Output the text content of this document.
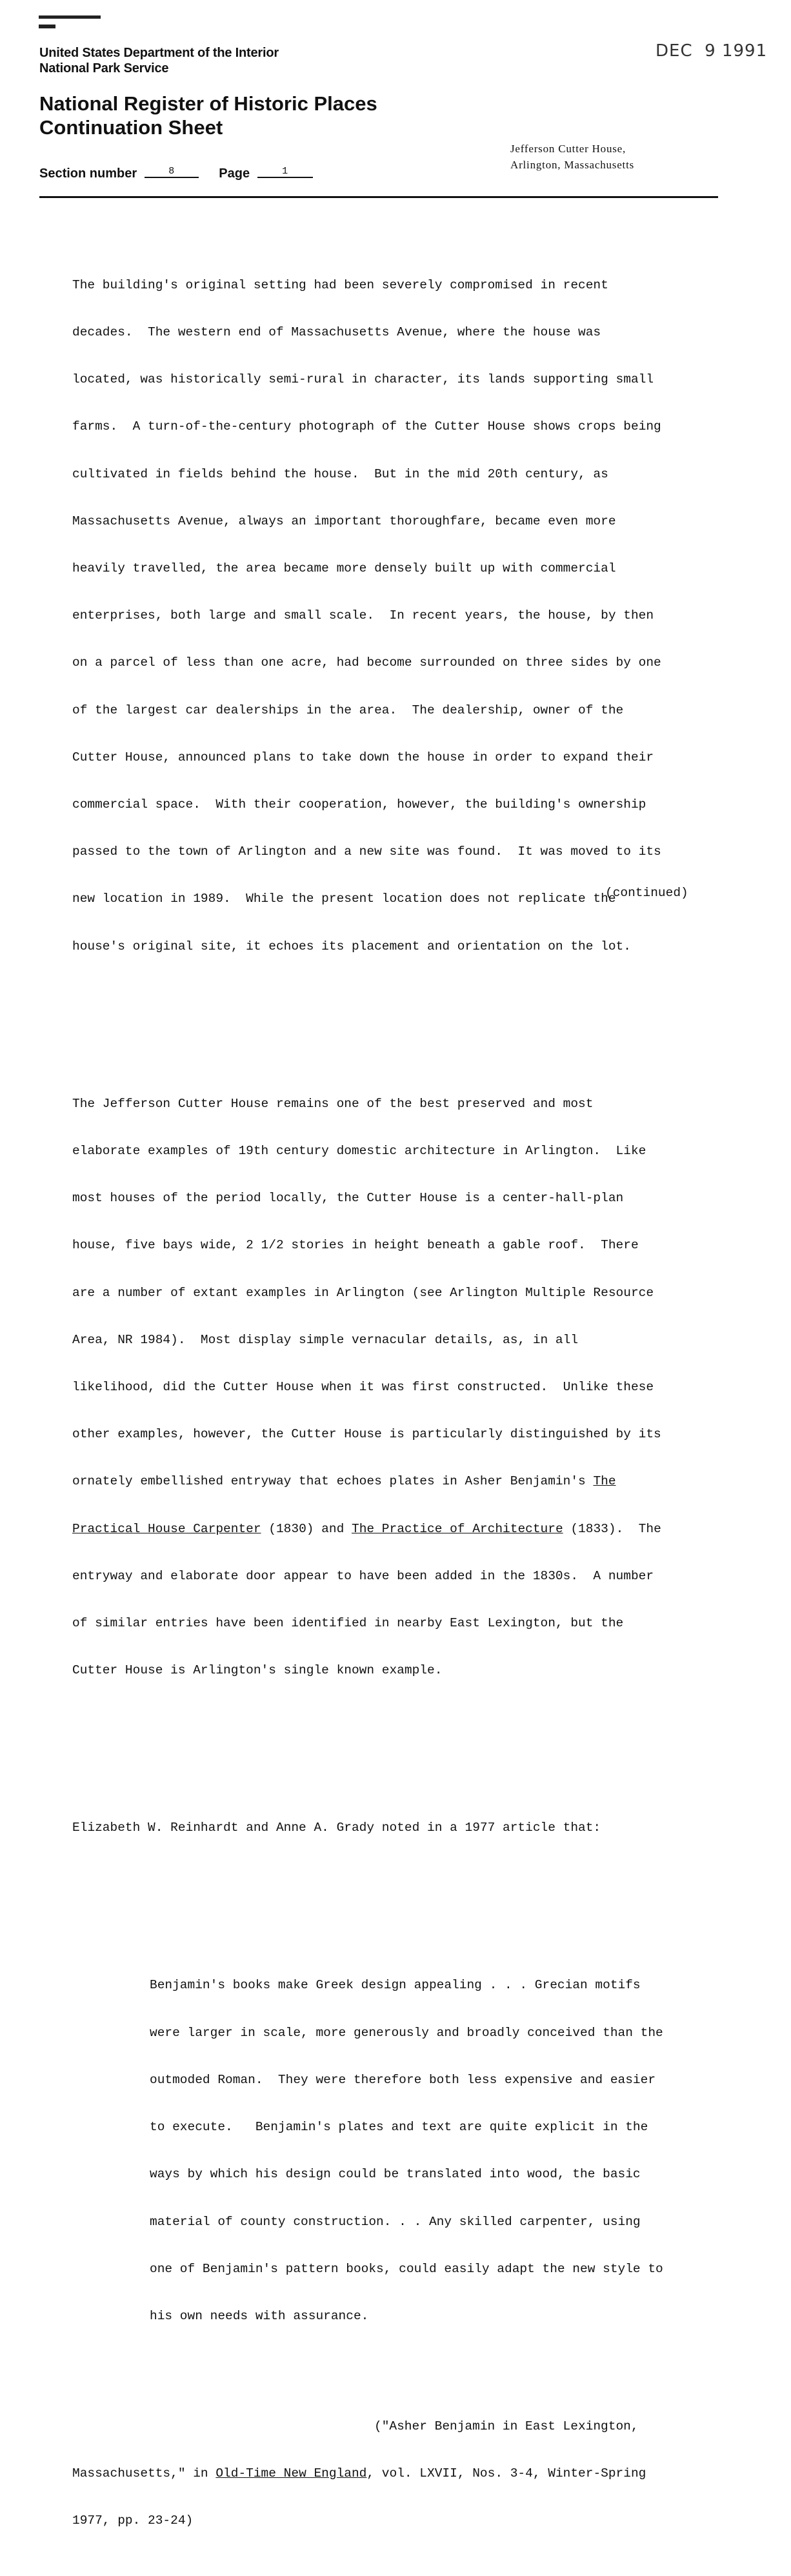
United States Department of the Interior
National Park Service
DEC  9 1991
National Register of Historic Places
Continuation Sheet
Jefferson Cutter House,
Arlington, Massachusetts
Section number	8	Page	1

The building's original setting had been severely compromised in recent

decades.  The western end of Massachusetts Avenue, where the house was

located, was historically semi-rural in character, its lands supporting small

farms.  A turn-of-the-century photograph of the Cutter House shows crops being

cultivated in fields behind the house.  But in the mid 20th century, as

Massachusetts Avenue, always an important thoroughfare, became even more

heavily travelled, the area became more densely built up with commercial

enterprises, both large and small scale.  In recent years, the house, by then

on a parcel of less than one acre, had become surrounded on three sides by one

of the largest car dealerships in the area.  The dealership, owner of the

Cutter House, announced plans to take down the house in order to expand their

commercial space.  With their cooperation, however, the building's ownership

passed to the town of Arlington and a new site was found.  It was moved to its

new location in 1989.  While the present location does not replicate the

house's original site, it echoes its placement and orientation on the lot.

The Jefferson Cutter House remains one of the best preserved and most

elaborate examples of 19th century domestic architecture in Arlington.  Like

most houses of the period locally, the Cutter House is a center-hall-plan

house, five bays wide, 2 1/2 stories in height beneath a gable roof.  There

are a number of extant examples in Arlington (see Arlington Multiple Resource

Area, NR 1984).  Most display simple vernacular details, as, in all

likelihood, did the Cutter House when it was first constructed.  Unlike these

other examples, however, the Cutter House is particularly distinguished by its

ornately embellished entryway that echoes plates in Asher Benjamin's The

Practical House Carpenter (1830) and The Practice of Architecture (1833).  The

entryway and elaborate door appear to have been added in the 1830s.  A number

of similar entries have been identified in nearby East Lexington, but the

Cutter House is Arlington's single known example.

Elizabeth W. Reinhardt and Anne A. Grady noted in a 1977 article that:

Benjamin's books make Greek design appealing . . . Grecian motifs

were larger in scale, more generously and broadly conceived than the

outmoded Roman.  They were therefore both less expensive and easier

to execute.   Benjamin's plates and text are quite explicit in the

ways by which his design could be translated into wood, the basic

material of county construction. . . Any skilled carpenter, using

one of Benjamin's pattern books, could easily adapt the new style to

his own needs with assurance.

("Asher Benjamin in East Lexington,

Massachusetts," in Old-Time New England, vol. LXVII, Nos. 3-4, Winter-Spring

1977, pp. 23-24)

(continued)
